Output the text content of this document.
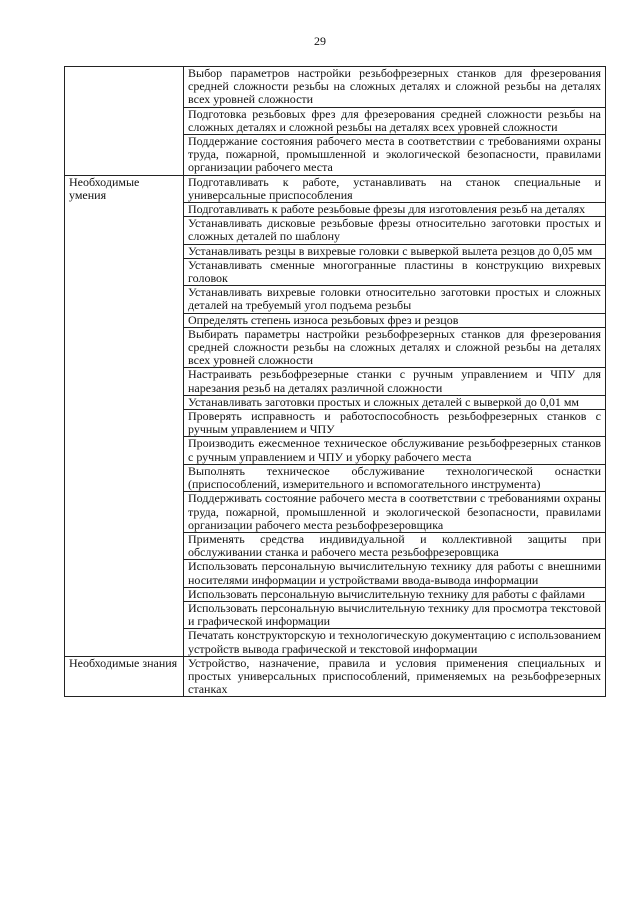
29
	Выбор параметров настройки резьбофрезерных станков для фрезерования средней сложности резьбы на сложных деталях и сложной резьбы на деталях всех уровней сложности
	Подготовка резьбовых фрез для фрезерования средней сложности резьбы на сложных деталях и сложной резьбы на деталях всех уровней сложности
	Поддержание состояния рабочего места в соответствии с требованиями охраны труда, пожарной, промышленной и экологической безопасности, правилами организации рабочего места
Необходимые умения	Подготавливать к работе, устанавливать на станок специальные и универсальные приспособления
	Подготавливать к работе резьбовые фрезы для изготовления резьб на деталях
	Устанавливать дисковые резьбовые фрезы относительно заготовки простых и сложных деталей по шаблону
	Устанавливать резцы в вихревые головки с выверкой вылета резцов до 0,05 мм
	Устанавливать сменные многогранные пластины в конструкцию вихревых головок
	Устанавливать вихревые головки относительно заготовки простых и сложных деталей на требуемый угол подъема резьбы
	Определять степень износа резьбовых фрез и резцов
	Выбирать параметры настройки резьбофрезерных станков для фрезерования средней сложности резьбы на сложных деталях и сложной резьбы на деталях всех уровней сложности
	Настраивать резьбофрезерные станки с ручным управлением и ЧПУ для нарезания резьб на деталях различной сложности
	Устанавливать заготовки простых и сложных деталей с выверкой до 0,01 мм
	Проверять исправность и работоспособность резьбофрезерных станков с ручным управлением и ЧПУ
	Производить ежесменное техническое обслуживание резьбофрезерных станков с ручным управлением и ЧПУ и уборку рабочего места
	Выполнять техническое обслуживание технологической оснастки (приспособлений, измерительного и вспомогательного инструмента)
	Поддерживать состояние рабочего места в соответствии с требованиями охраны труда, пожарной, промышленной и экологической безопасности, правилами организации рабочего места резьбофрезеровщика
	Применять средства индивидуальной и коллективной защиты при обслуживании станка и рабочего места резьбофрезеровщика
	Использовать персональную вычислительную технику для работы с внешними носителями информации и устройствами ввода-вывода информации
	Использовать персональную вычислительную технику для работы с файлами
	Использовать персональную вычислительную технику для просмотра текстовой и графической информации
	Печатать конструкторскую и технологическую документацию с использованием устройств вывода графической и текстовой информации
Необходимые знания	Устройство, назначение, правила и условия применения специальных и простых универсальных приспособлений, применяемых на резьбофрезерных станках
